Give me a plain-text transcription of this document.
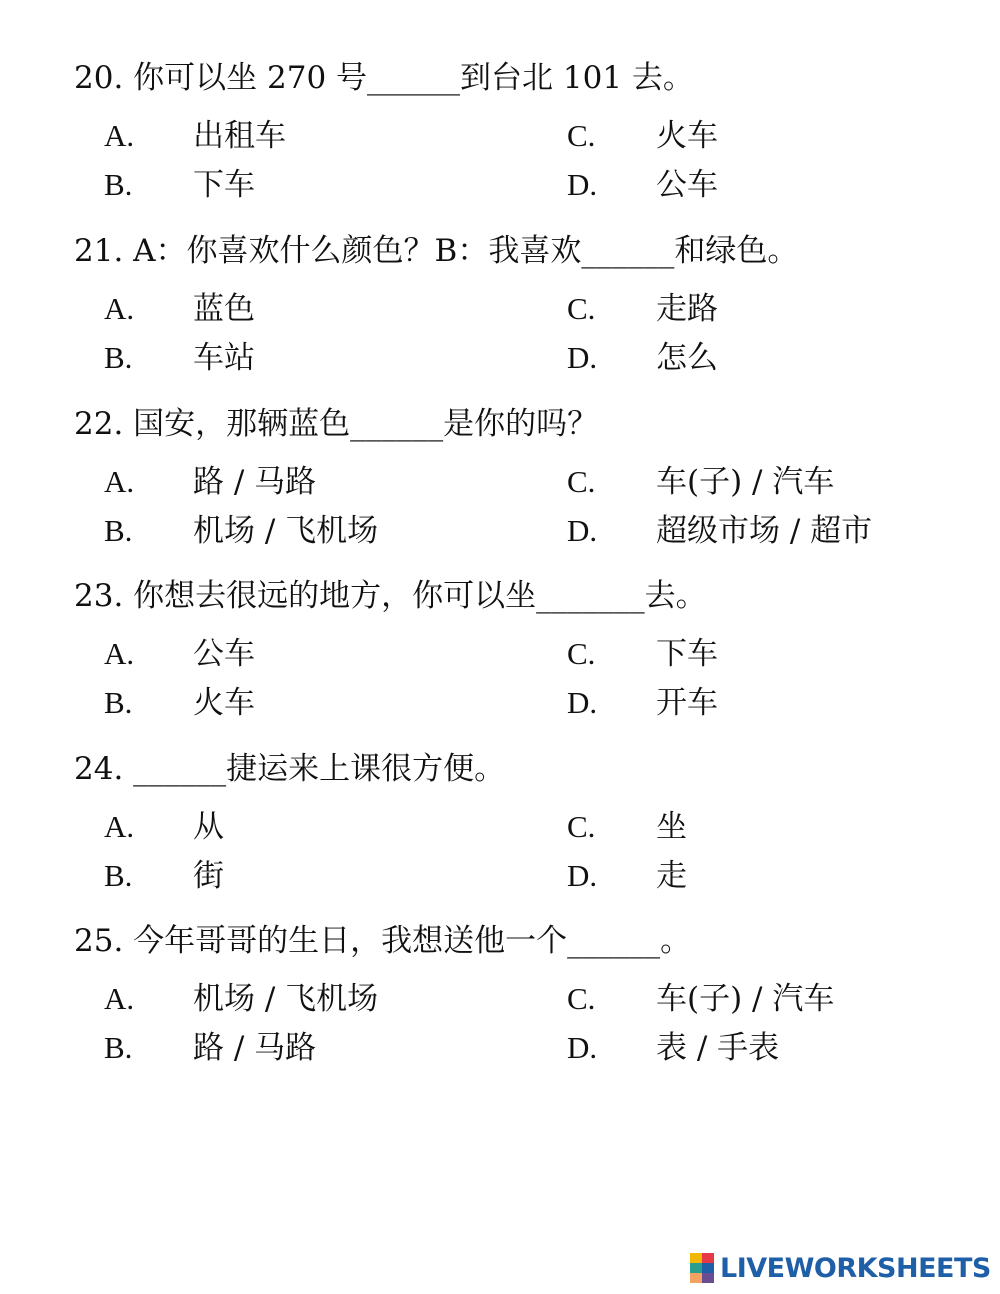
20. 你可以坐 270 号______到台北 101 去。

A. 出租车
B. 下车
C. 火车
D. 公车

21. A：你喜欢什么颜色？B：我喜欢______和绿色。

A. 蓝色
B. 车站
C. 走路
D. 怎么

22. 国安，那辆蓝色______是你的吗？

A. 路 / 马路
B. 机场 / 飞机场
C. 车(子) / 汽车
D. 超级市场 / 超市

23. 你想去很远的地方，你可以坐_______去。

A. 公车
B. 火车
C. 下车
D. 开车

24. ______捷运来上课很方便。

A. 从
B. 街
C. 坐
D. 走

25. 今年哥哥的生日，我想送他一个______。

A. 机场 / 飞机场
B. 路 / 马路
C. 车(子) / 汽车
D. 表 / 手表
LIVEWORKSHEETS
